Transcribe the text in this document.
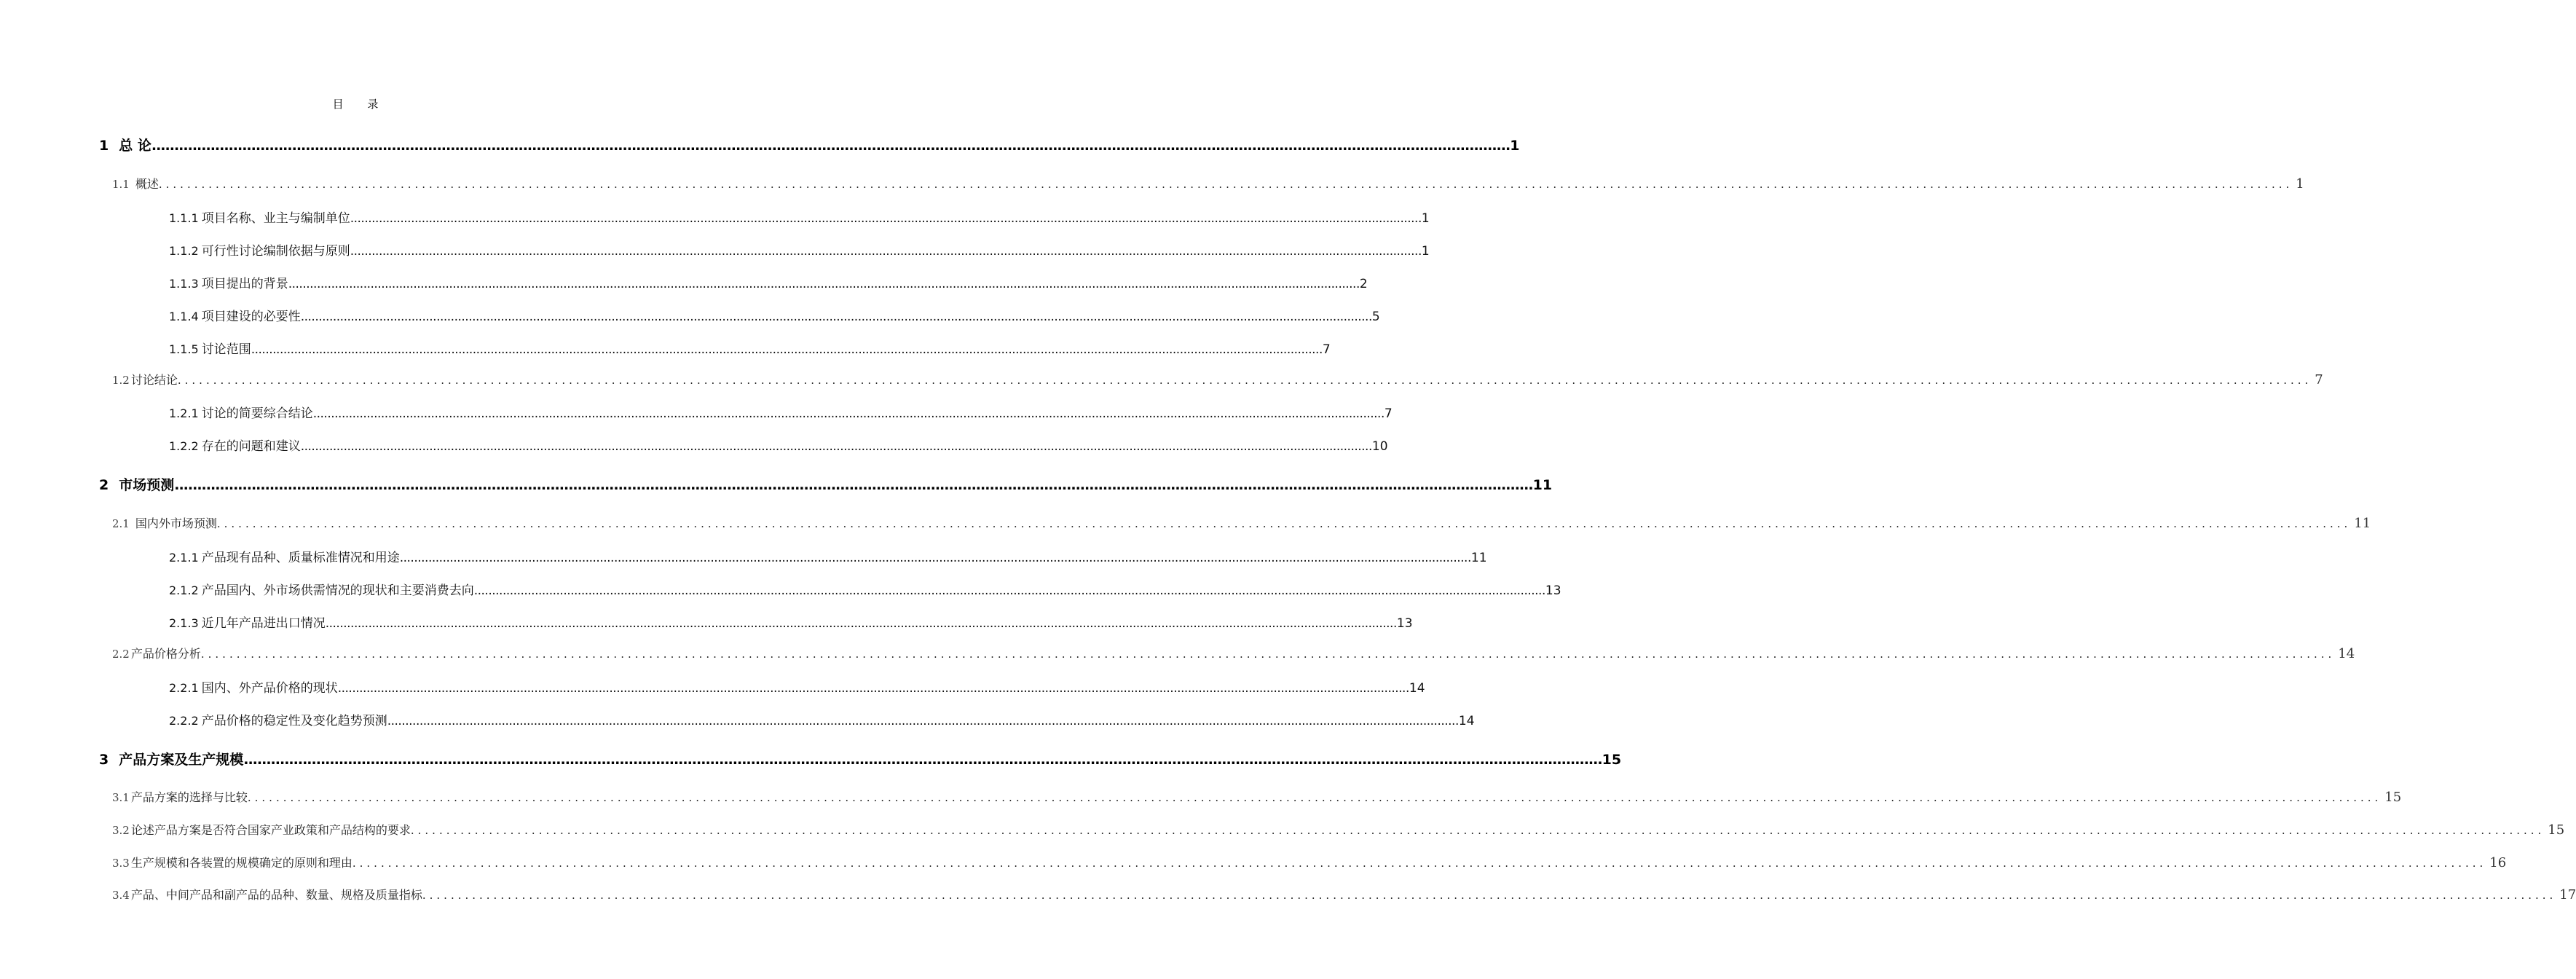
目 录
1 总 论 ............................................................................................................................................................................................................................................................................................................ 1
1.1 概述 ............................................................................................................................................................................................................................................................................................................ 1
1.1.1 项目名称、业主与编制单位 ............................................................................................................................................................................................................................................................................................................ 1
1.1.2 可行性讨论编制依据与原则 ............................................................................................................................................................................................................................................................................................................ 1
1.1.3 项目提出的背景 ............................................................................................................................................................................................................................................................................................................ 2
1.1.4 项目建设的必要性 ............................................................................................................................................................................................................................................................................................................ 5
1.1.5 讨论范围 ............................................................................................................................................................................................................................................................................................................ 7
1.2 讨论结论 ............................................................................................................................................................................................................................................................................................................ 7
1.2.1 讨论的简要综合结论 ............................................................................................................................................................................................................................................................................................................ 7
1.2.2 存在的问题和建议 ............................................................................................................................................................................................................................................................................................................ 10
2 市场预测 ............................................................................................................................................................................................................................................................................................................ 11
2.1 国内外市场预测 ............................................................................................................................................................................................................................................................................................................ 11
2.1.1 产品现有品种、质量标准情况和用途 ............................................................................................................................................................................................................................................................................................................ 11
2.1.2 产品国内、外市场供需情况的现状和主要消费去向 ............................................................................................................................................................................................................................................................................................................ 13
2.1.3 近几年产品进出口情况 ............................................................................................................................................................................................................................................................................................................ 13
2.2 产品价格分析 ............................................................................................................................................................................................................................................................................................................ 14
2.2.1 国内、外产品价格的现状 ............................................................................................................................................................................................................................................................................................................ 14
2.2.2 产品价格的稳定性及变化趋势预测 ............................................................................................................................................................................................................................................................................................................ 14
3 产品方案及生产规模 ............................................................................................................................................................................................................................................................................................................ 15
3.1 产品方案的选择与比较 ............................................................................................................................................................................................................................................................................................................ 15
3.2 论述产品方案是否符合国家产业政策和产品结构的要求 ............................................................................................................................................................................................................................................................................................................ 15
3.3 生产规模和各装置的规模确定的原则和理由 ............................................................................................................................................................................................................................................................................................................ 16
3.4 产品、中间产品和副产品的品种、数量、规格及质量指标 ............................................................................................................................................................................................................................................................................................................ 17
